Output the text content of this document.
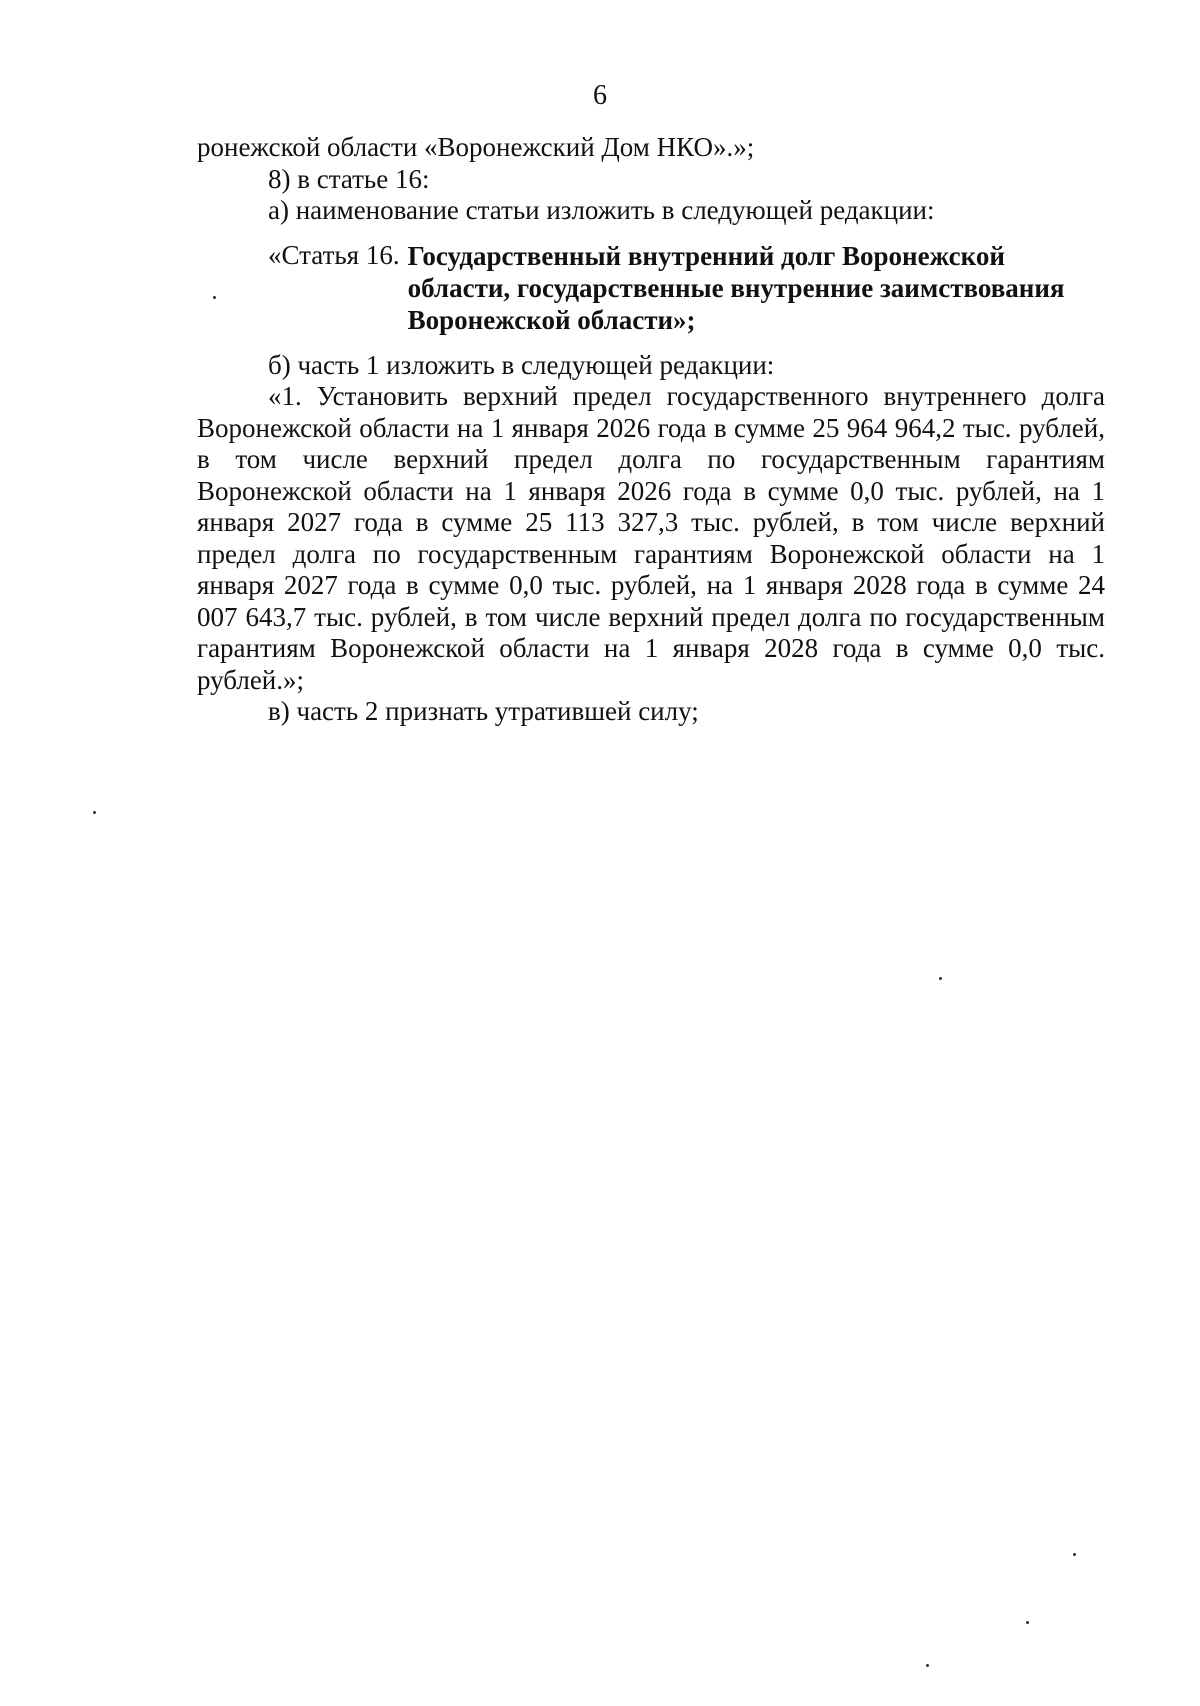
6

ронежской области «Воронежский Дом НКО».»;

8) в статье 16:

а) наименование статьи изложить в следующей редакции:

«Статья 16. Государственный внутренний долг Воронежской области, государственные внутренние заимствования Воронежской области»;

б) часть 1 изложить в следующей редакции:

«1. Установить верхний предел государственного внутреннего долга Воронежской области на 1 января 2026 года в сумме 25 964 964,2 тыс. рублей, в том числе верхний предел долга по государственным гарантиям Воронежской области на 1 января 2026 года в сумме 0,0 тыс. рублей, на 1 января 2027 года в сумме 25 113 327,3 тыс. рублей, в том числе верхний предел долга по государственным гарантиям Воронежской области на 1 января 2027 года в сумме 0,0 тыс. рублей, на 1 января 2028 года в сумме 24 007 643,7 тыс. рублей, в том числе верхний предел долга по государственным гарантиям Воронежской области на 1 января 2028 года в сумме 0,0 тыс. рублей.»;

в) часть 2 признать утратившей силу;
